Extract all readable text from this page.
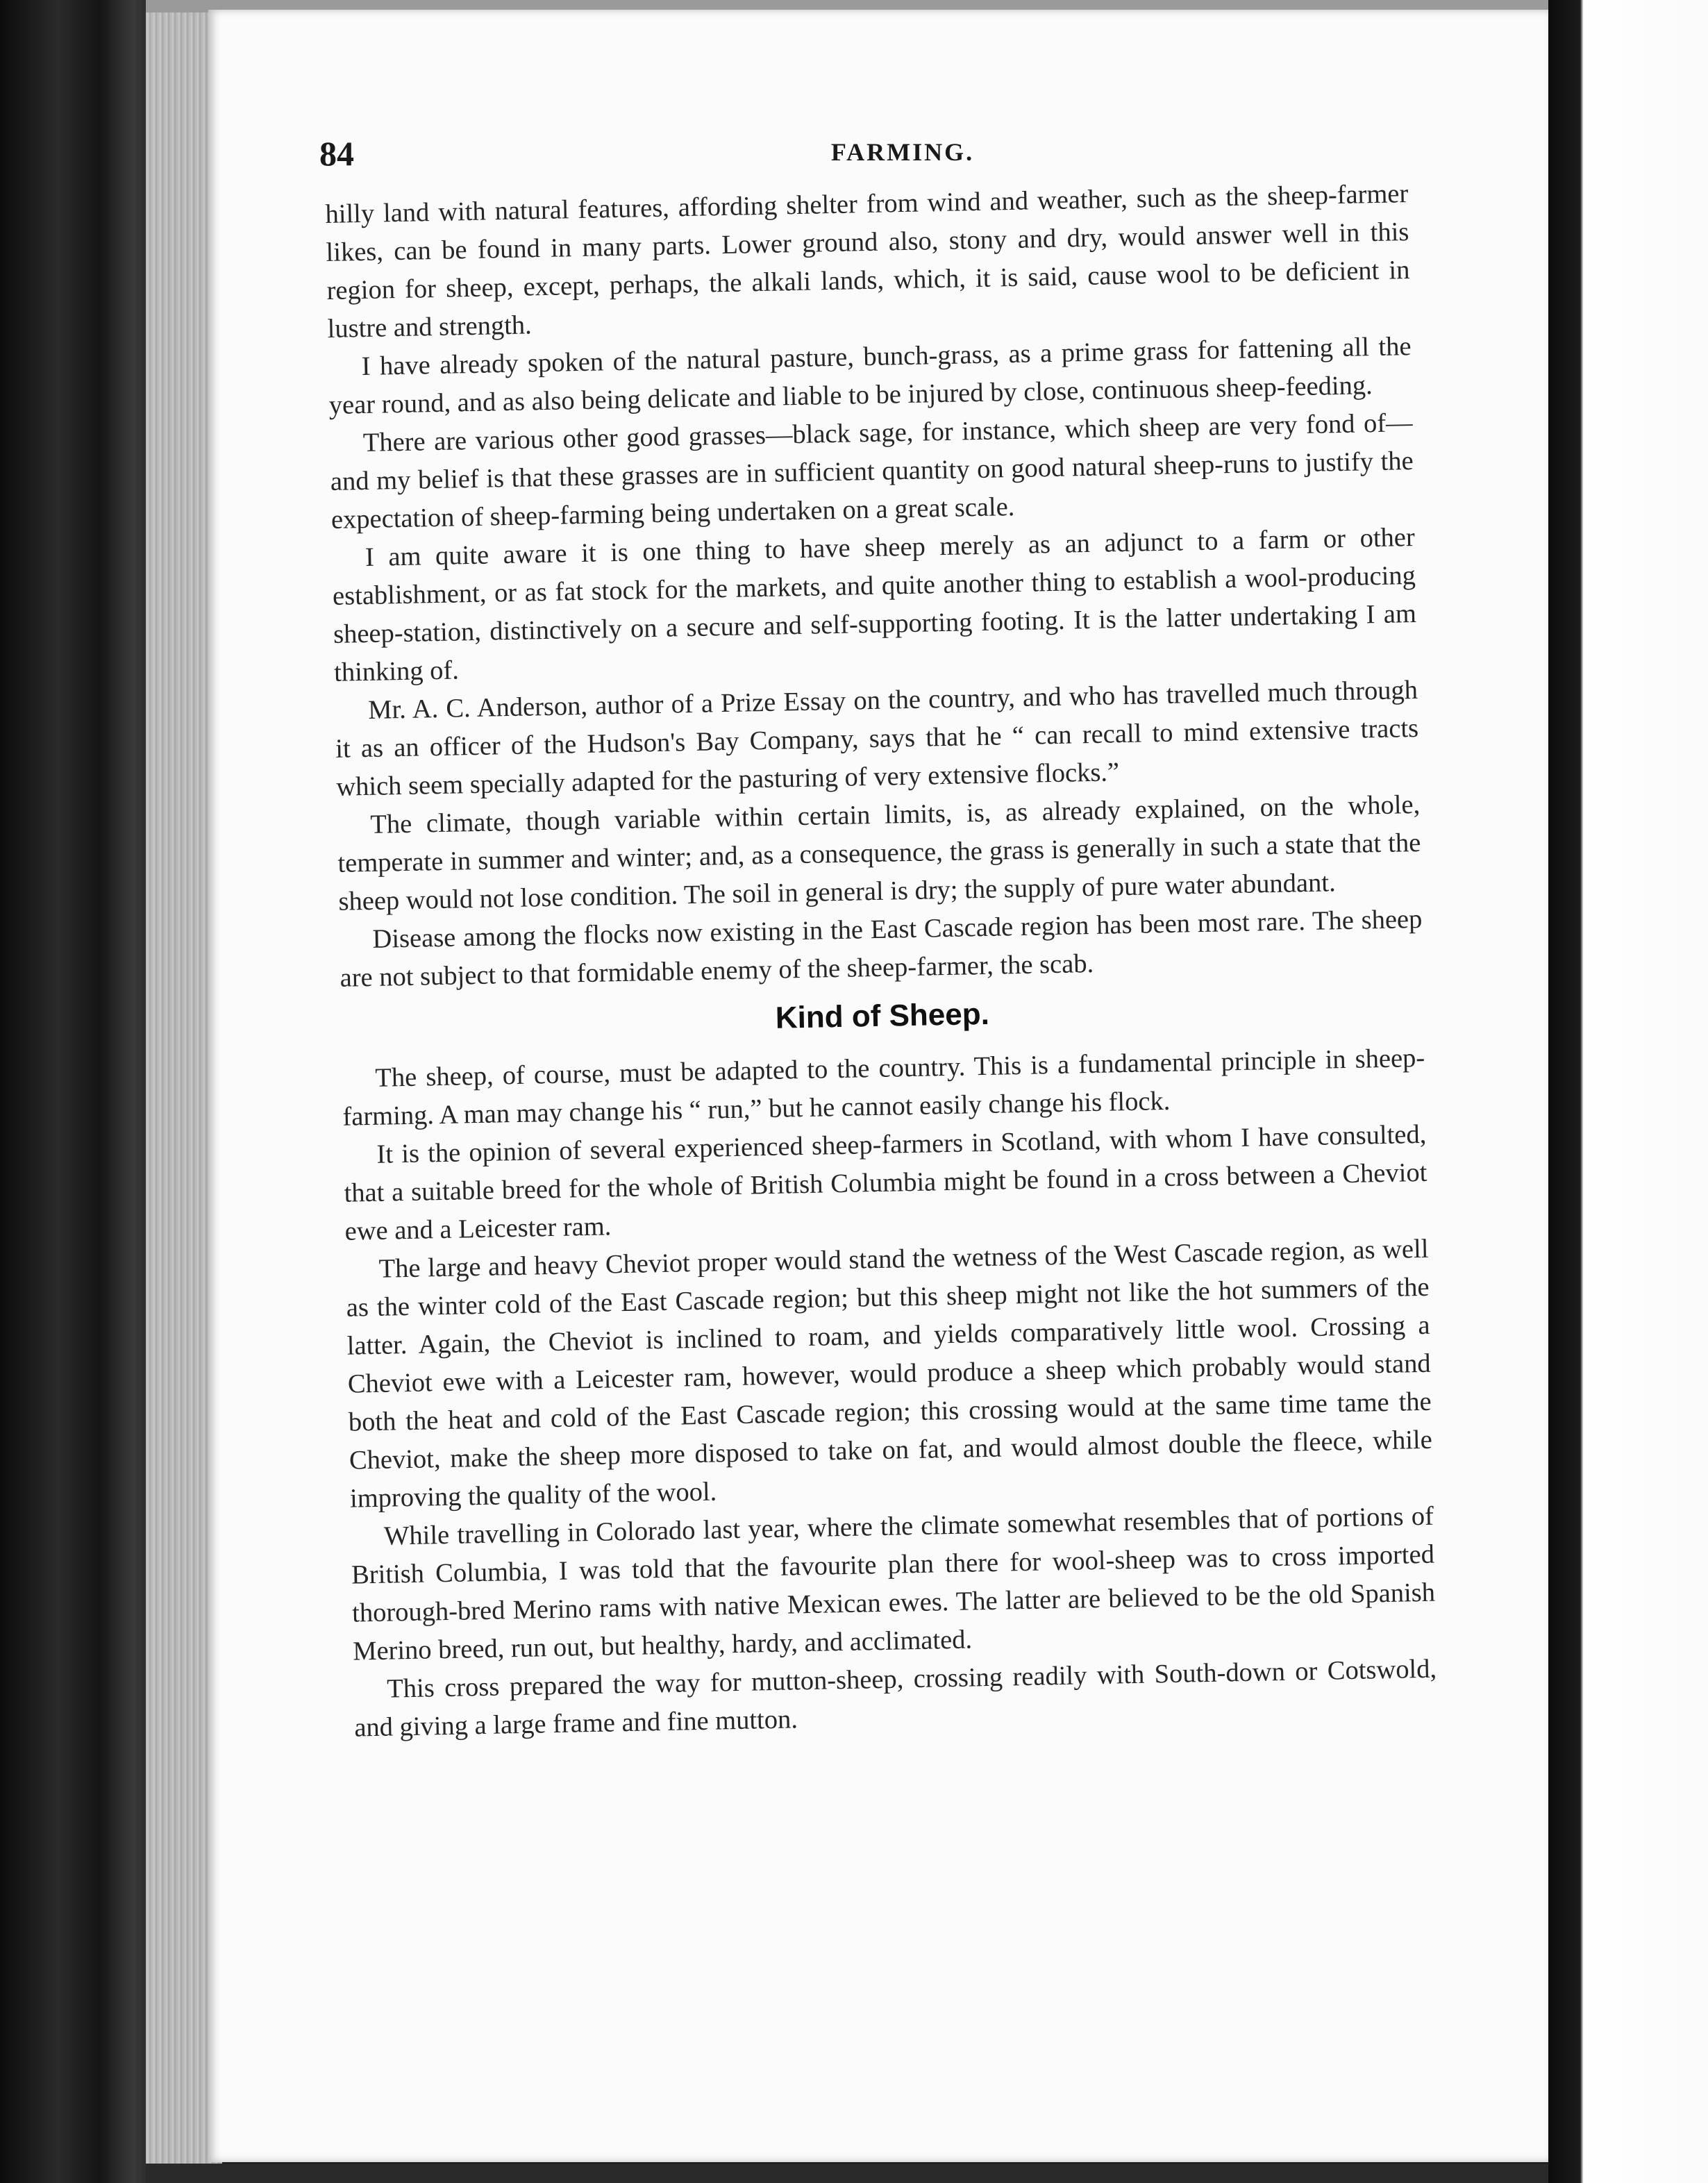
84	FARMING.

hilly land with natural features, affording shelter from wind and weather, such as the sheep-farmer likes, can be found in many parts. Lower ground also, stony and dry, would answer well in this region for sheep, except, perhaps, the alkali lands, which, it is said, cause wool to be deficient in lustre and strength.

I have already spoken of the natural pasture, bunch-grass, as a prime grass for fattening all the year round, and as also being delicate and liable to be injured by close, continuous sheep-feeding.

There are various other good grasses—black sage, for instance, which sheep are very fond of—and my belief is that these grasses are in sufficient quantity on good natural sheep-runs to justify the expectation of sheep-farming being undertaken on a great scale.

I am quite aware it is one thing to have sheep merely as an adjunct to a farm or other establishment, or as fat stock for the markets, and quite another thing to establish a wool-producing sheep-station, distinctively on a secure and self-supporting footing. It is the latter undertaking I am thinking of.

Mr. A. C. Anderson, author of a Prize Essay on the country, and who has travelled much through it as an officer of the Hudson's Bay Company, says that he “ can recall to mind extensive tracts which seem specially adapted for the pasturing of very extensive flocks.”

The climate, though variable within certain limits, is, as already explained, on the whole, temperate in summer and winter; and, as a consequence, the grass is generally in such a state that the sheep would not lose condition. The soil in general is dry; the supply of pure water abundant.

Disease among the flocks now existing in the East Cascade region has been most rare. The sheep are not subject to that formidable enemy of the sheep-farmer, the scab.

Kind of Sheep.

The sheep, of course, must be adapted to the country. This is a fundamental principle in sheep-farming. A man may change his “ run,” but he cannot easily change his flock.

It is the opinion of several experienced sheep-farmers in Scotland, with whom I have consulted, that a suitable breed for the whole of British Columbia might be found in a cross between a Cheviot ewe and a Leicester ram.

The large and heavy Cheviot proper would stand the wetness of the West Cascade region, as well as the winter cold of the East Cascade region; but this sheep might not like the hot summers of the latter. Again, the Cheviot is inclined to roam, and yields comparatively little wool. Crossing a Cheviot ewe with a Leicester ram, however, would produce a sheep which probably would stand both the heat and cold of the East Cascade region; this crossing would at the same time tame the Cheviot, make the sheep more disposed to take on fat, and would almost double the fleece, while improving the quality of the wool.

While travelling in Colorado last year, where the climate somewhat resembles that of portions of British Columbia, I was told that the favourite plan there for wool-sheep was to cross imported thorough-bred Merino rams with native Mexican ewes. The latter are believed to be the old Spanish Merino breed, run out, but healthy, hardy, and acclimated.

This cross prepared the way for mutton-sheep, crossing readily with South-down or Cotswold, and giving a large frame and fine mutton.
